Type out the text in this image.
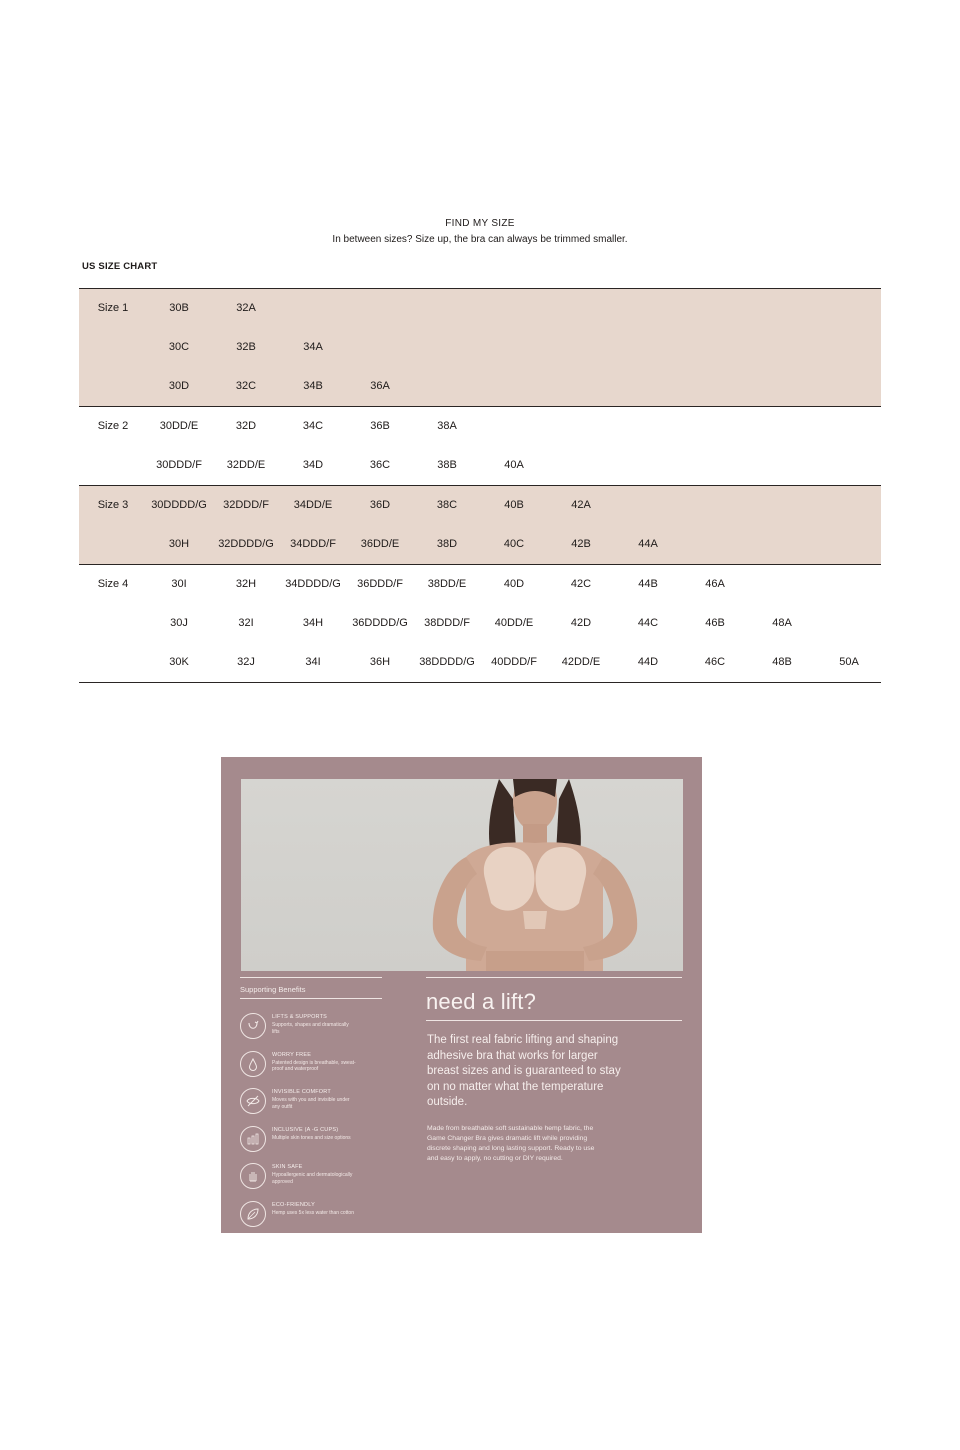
FIND MY SIZE
In between sizes? Size up, the bra can always be trimmed smaller.
US SIZE CHART
Size 1	30B	32A
30C	32B	34A
30D	32C	34B	36A
Size 2	30DD/E	32D	34C	36B	38A
30DDD/F	32DD/E	34D	36C	38B	40A
Size 3	30DDDD/G	32DDD/F	34DD/E	36D	38C	40B	42A
30H	32DDDD/G	34DDD/F	36DD/E	38D	40C	42B	44A
Size 4	30I	32H	34DDDD/G	36DDD/F	38DD/E	40D	42C	44B	46A
30J	32I	34H	36DDDD/G	38DDD/F	40DD/E	42D	44C	46B	48A
30K	32J	34I	36H	38DDDD/G	40DDD/F	42DD/E	44D	46C	48B	50A
Supporting Benefits	need a lift?
The first real fabric lifting and shaping adhesive bra that works for larger breast sizes and is guaranteed to stay on no matter what the temperature outside.
Made from breathable soft sustainable hemp fabric, the Game Changer Bra gives dramatic lift while providing discrete shaping and long lasting support. Ready to use and easy to apply, no cutting or DIY required.
LIFTS & SUPPORTS
Supports, shapes and dramatically lifts
WORRY FREE
Patented design is breathable, sweat-proof and waterproof
INVISIBLE COMFORT
Moves with you and invisible under any outfit
INCLUSIVE (A -G CUPS)
Multiple skin tones and size options
SKIN SAFE
Hypoallergenic and dermatologically approved
ECO-FRIENDLY
Hemp uses 5x less water than cotton
